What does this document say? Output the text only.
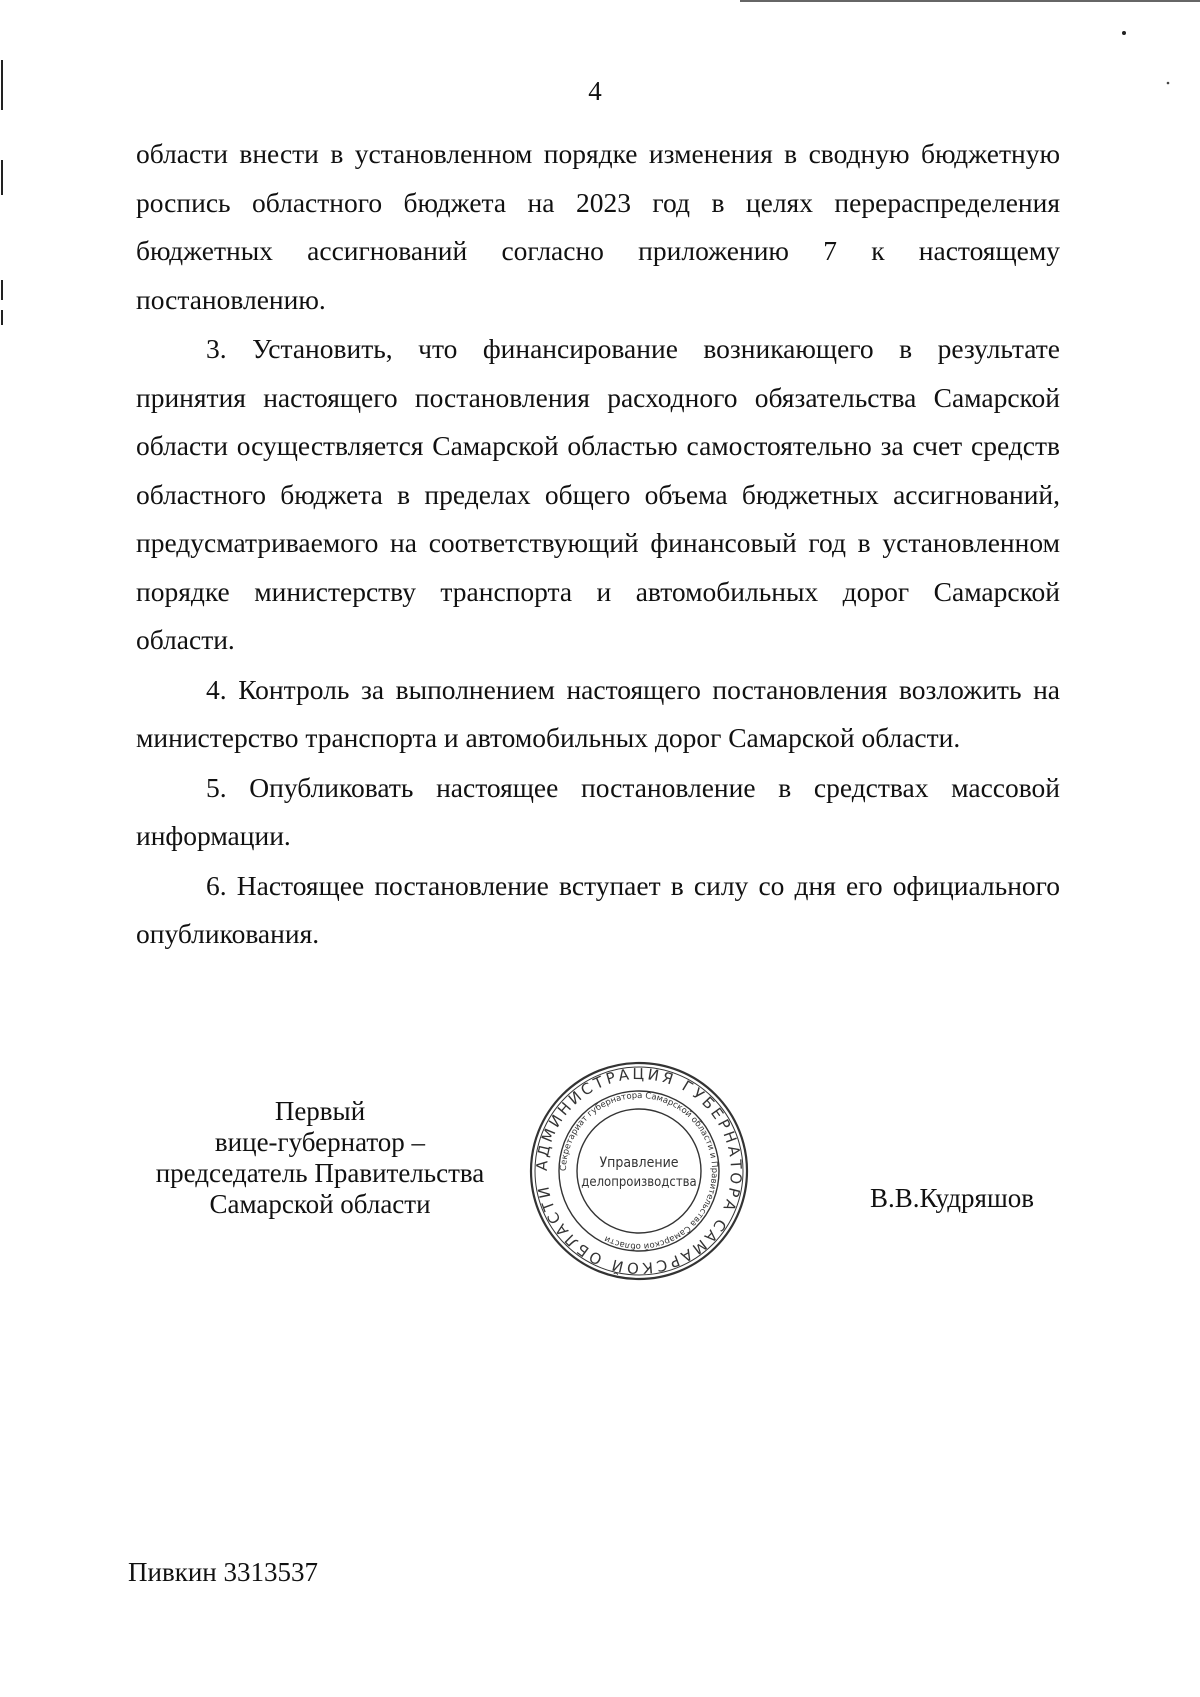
4

области внести в установленном порядке изменения в сводную бюджетную роспись областного бюджета на 2023 год в целях перераспределения бюджетных ассигнований согласно приложению 7 к настоящему постановлению.

3. Установить, что финансирование возникающего в результате принятия настоящего постановления расходного обязательства Самарской области осуществляется Самарской областью самостоятельно за счет средств областного бюджета в пределах общего объема бюджетных ассигнований, предусматриваемого на соответствующий финансовый год в установленном порядке министерству транспорта и автомобильных дорог Самарской области.

4. Контроль за выполнением настоящего постановления возложить на министерство транспорта и автомобильных дорог Самарской области.

5. Опубликовать настоящее постановление в средствах массовой информации.

6. Настоящее постановление вступает в силу со дня его официального опубликования.

Первый
вице-губернатор –
председатель Правительства
Самарской области
АДМИНИСТРАЦИЯ ГУБЕРНАТОРА САМАРСКОЙ ОБЛАСТИ
Секретариат губернатора Самарской области и Правительства Самарской области
Управление
делопроизводства
В.В.Кудряшов
Пивкин 3313537
